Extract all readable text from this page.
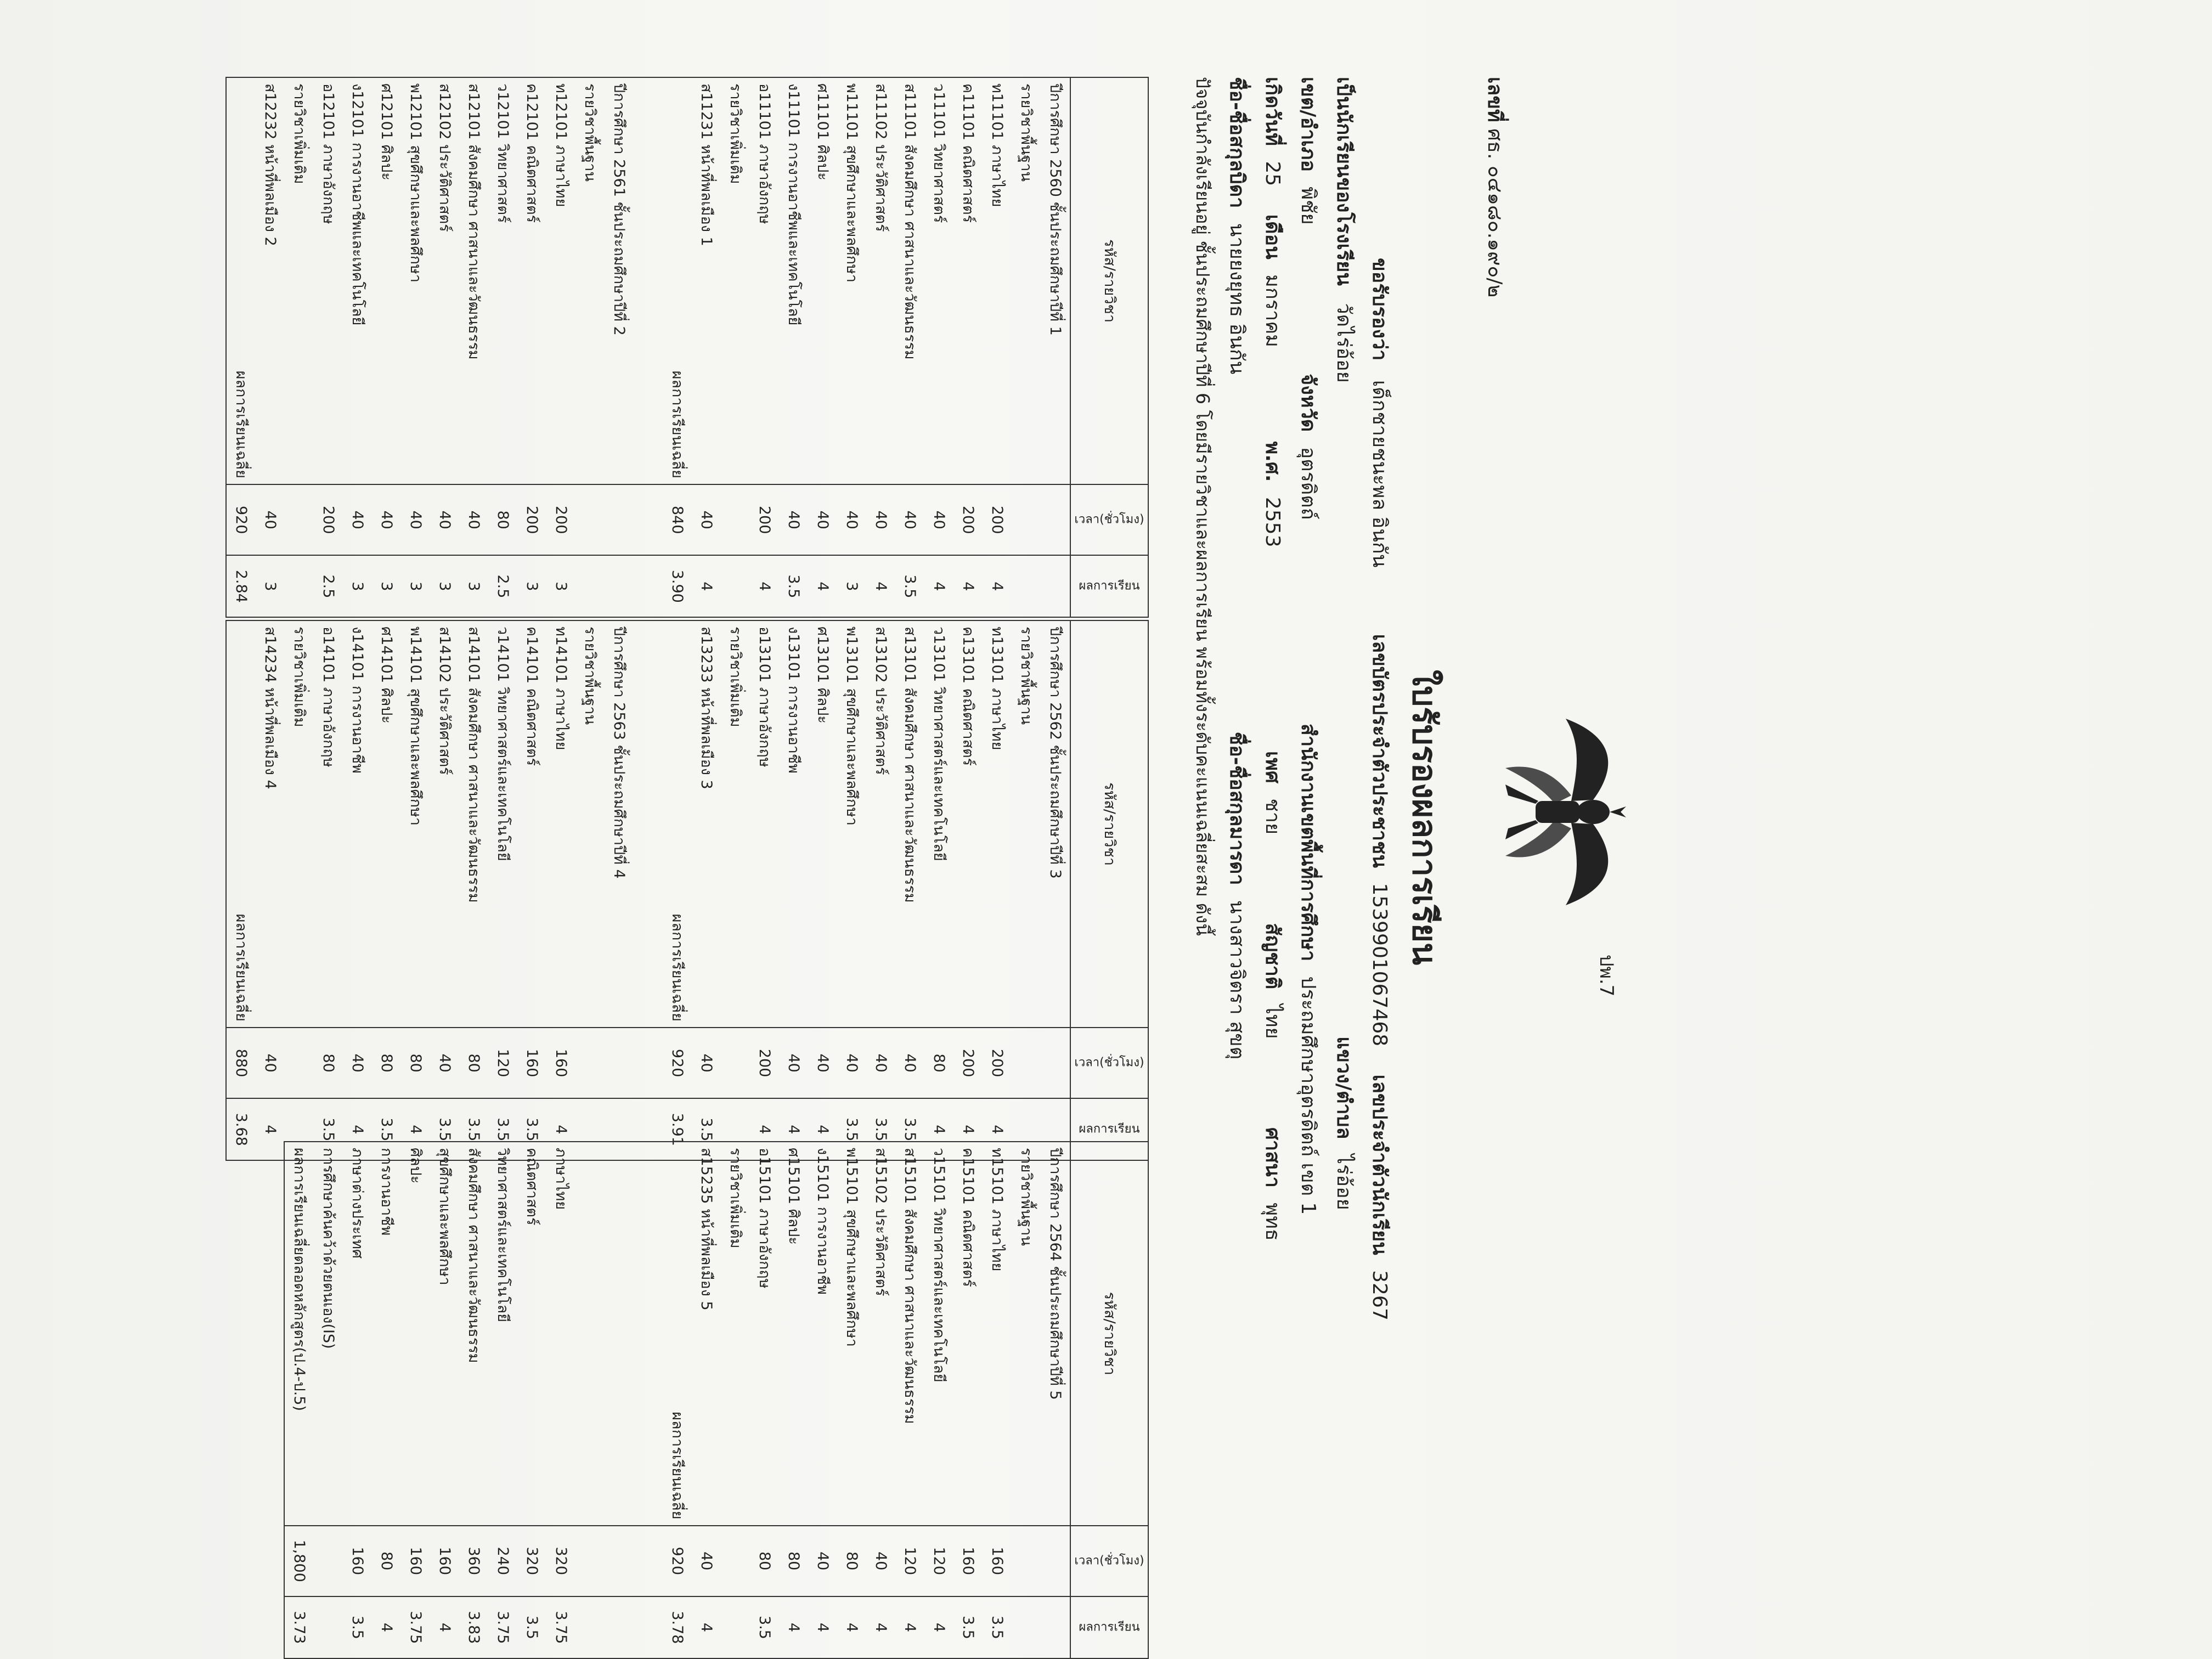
ปพ.7
เลขที่ ศธ. ๐๔๑๘๐.๑๙๐/๒
ใบรับรองผลการเรียน
ขอรับรองว่า เด็กชายชนะพล อินกัน เลขบัตรประจำตัวประชาชน 1539901067468 เลขประจำตัวนักเรียน 3267
เป็นนักเรียนของโรงเรียน วัดไร่อ้อย แขวง/ตำบล ไร่อ้อย
เขต/อำเภอ พิชัย จังหวัด อุตรดิตถ์ สำนักงานเขตพื้นที่การศึกษา ประถมศึกษาอุตรดิตถ์ เขต 1
เกิดวันที่ 25 เดือน มกราคม พ.ศ. 2553 เพศ ชาย สัญชาติ ไทย ศาสนา พุทธ
ชื่อ-ชื่อสกุลบิดา นายยงยุทธ อินกัน ชื่อ-ชื่อสกุลมารดา นางสาวจิตรา สุขตุ
ปัจจุบันกำลังเรียนอยู่ ชั้นประถมศึกษาปีที่ 6 โดยมีรายวิชาและผลการเรียน พร้อมทั้งระดับคะแนนเฉลี่ยสะสม ดังนี้
รหัส/รายวิชา	เวลา(ชั่วโมง)	ผลการเรียน

ปีการศึกษา 2560 ชั้นประถมศึกษาปีที่ 1		
รายวิชาพื้นฐาน		
ท11101 ภาษาไทย	200	4
ค11101 คณิตศาสตร์	200	4
ว11101 วิทยาศาสตร์	40	4
ส11101 สังคมศึกษา ศาสนาและวัฒนธรรม	40	3.5
ส11102 ประวัติศาสตร์	40	4
พ11101 สุขศึกษาและพลศึกษา	40	3
ศ11101 ศิลปะ	40	4
ง11101 การงานอาชีพและเทคโนโลยี	40	3.5
อ11101 ภาษาอังกฤษ	200	4
รายวิชาเพิ่มเติม		
ส11231 หน้าที่พลเมือง 1	40	4
ผลการเรียนเฉลี่ย	840	3.90

ปีการศึกษา 2561 ชั้นประถมศึกษาปีที่ 2		
รายวิชาพื้นฐาน		
ท12101 ภาษาไทย	200	3
ค12101 คณิตศาสตร์	200	3
ว12101 วิทยาศาสตร์	80	2.5
ส12101 สังคมศึกษา ศาสนาและวัฒนธรรม	40	3
ส12102 ประวัติศาสตร์	40	3
พ12101 สุขศึกษาและพลศึกษา	40	3
ศ12101 ศิลปะ	40	3
ง12101 การงานอาชีพและเทคโนโลยี	40	3
อ12101 ภาษาอังกฤษ	200	2.5
รายวิชาเพิ่มเติม		
ส12232 หน้าที่พลเมือง 2	40	3
ผลการเรียนเฉลี่ย	920	2.84
รหัส/รายวิชา	เวลา(ชั่วโมง)	ผลการเรียน

ปีการศึกษา 2562 ชั้นประถมศึกษาปีที่ 3		
รายวิชาพื้นฐาน		
ท13101 ภาษาไทย	200	4
ค13101 คณิตศาสตร์	200	4
ว13101 วิทยาศาสตร์และเทคโนโลยี	80	4
ส13101 สังคมศึกษา ศาสนาและวัฒนธรรม	40	3.5
ส13102 ประวัติศาสตร์	40	3.5
พ13101 สุขศึกษาและพลศึกษา	40	3.5
ศ13101 ศิลปะ	40	4
ง13101 การงานอาชีพ	40	4
อ13101 ภาษาอังกฤษ	200	4
รายวิชาเพิ่มเติม		
ส13233 หน้าที่พลเมือง 3	40	3.5
ผลการเรียนเฉลี่ย	920	3.91

ปีการศึกษา 2563 ชั้นประถมศึกษาปีที่ 4		
รายวิชาพื้นฐาน		
ท14101 ภาษาไทย	160	4
ค14101 คณิตศาสตร์	160	3.5
ว14101 วิทยาศาสตร์และเทคโนโลยี	120	3.5
ส14101 สังคมศึกษา ศาสนาและวัฒนธรรม	80	3.5
ส14102 ประวัติศาสตร์	40	3.5
พ14101 สุขศึกษาและพลศึกษา	80	4
ศ14101 ศิลปะ	80	3.5
ง14101 การงานอาชีพ	40	4
อ14101 ภาษาอังกฤษ	80	3.5
รายวิชาเพิ่มเติม		
ส14234 หน้าที่พลเมือง 4	40	4
ผลการเรียนเฉลี่ย	880	3.68
รหัส/รายวิชา	เวลา(ชั่วโมง)	ผลการเรียน

ปีการศึกษา 2564 ชั้นประถมศึกษาปีที่ 5		
รายวิชาพื้นฐาน		
ท15101 ภาษาไทย	160	3.5
ค15101 คณิตศาสตร์	160	3.5
ว15101 วิทยาศาสตร์และเทคโนโลยี	120	4
ส15101 สังคมศึกษา ศาสนาและวัฒนธรรม	120	4
ส15102 ประวัติศาสตร์	40	4
พ15101 สุขศึกษาและพลศึกษา	80	4
ง15101 การงานอาชีพ	40	4
ศ15101 ศิลปะ	80	4
อ15101 ภาษาอังกฤษ	80	3.5
รายวิชาเพิ่มเติม		
ส15235 หน้าที่พลเมือง 5	40	4
ผลการเรียนเฉลี่ย	920	3.78

ภาษาไทย	320	3.75
คณิตศาสตร์	320	3.5
วิทยาศาสตร์และเทคโนโลยี	240	3.75
สังคมศึกษา ศาสนาและวัฒนธรรม	360	3.83
สุขศึกษาและพลศึกษา	160	4
ศิลปะ	160	3.75
การงานอาชีพ	80	4
ภาษาต่างประเทศ	160	3.5
การศึกษาค้นคว้าด้วยตนเอง(IS)		
ผลการเรียนเฉลี่ยตลอดหลักสูตร(ป.4-ป.5)	1,800	3.73
